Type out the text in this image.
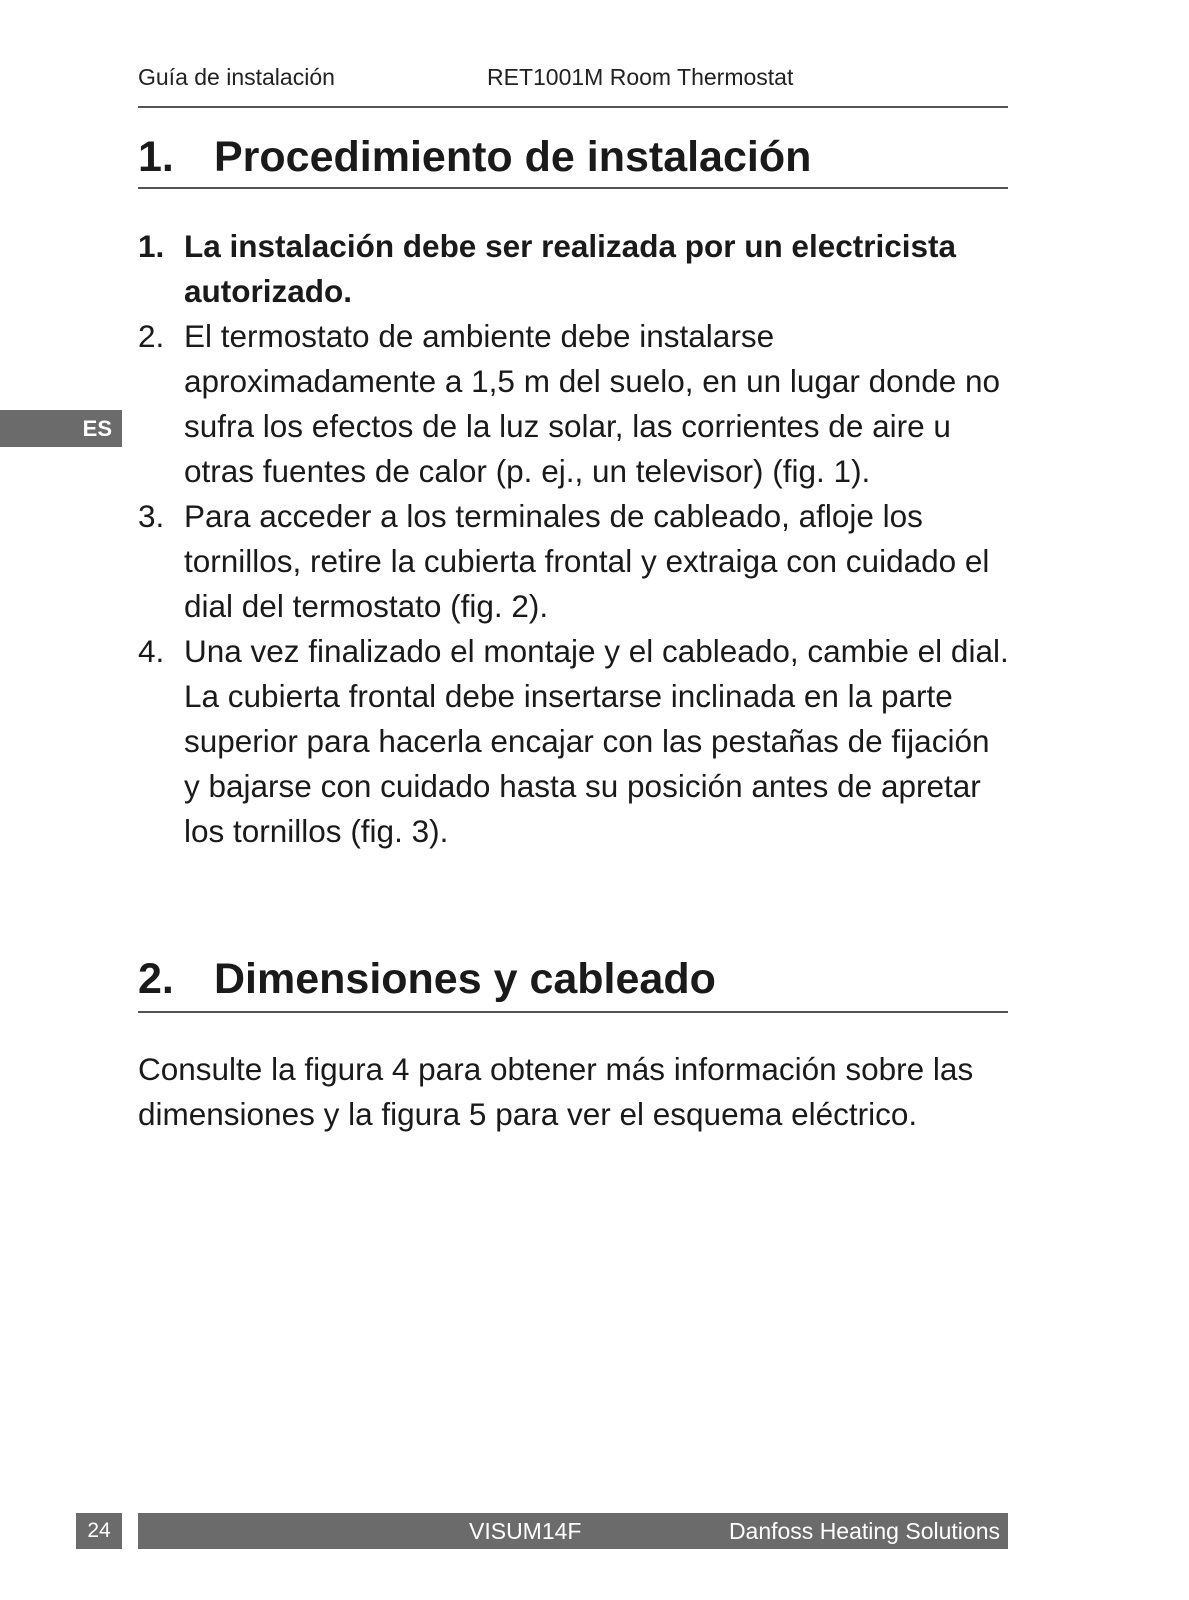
Guía de instalación	RET1001M Room Thermostat
1. Procedimiento de instalación
ES
1. La instalación debe ser realizada por un electricista autorizado.
2. El termostato de ambiente debe instalarse aproximadamente a 1,5 m del suelo, en un lugar donde no sufra los efectos de la luz solar, las corrientes de aire u otras fuentes de calor (p. ej., un televisor) (fig. 1).
3. Para acceder a los terminales de cableado, afloje los tornillos, retire la cubierta frontal y extraiga con cuidado el dial del termostato (fig. 2).
4. Una vez finalizado el montaje y el cableado, cambie el dial. La cubierta frontal debe insertarse inclinada en la parte superior para hacerla encajar con las pestañas de fijación y bajarse con cuidado hasta su posición antes de apretar los tornillos (fig. 3).
2. Dimensiones y cableado

Consulte la figura 4 para obtener más información sobre las dimensiones y la figura 5 para ver el esquema eléctrico.

24	VISUM14F	Danfoss Heating Solutions
